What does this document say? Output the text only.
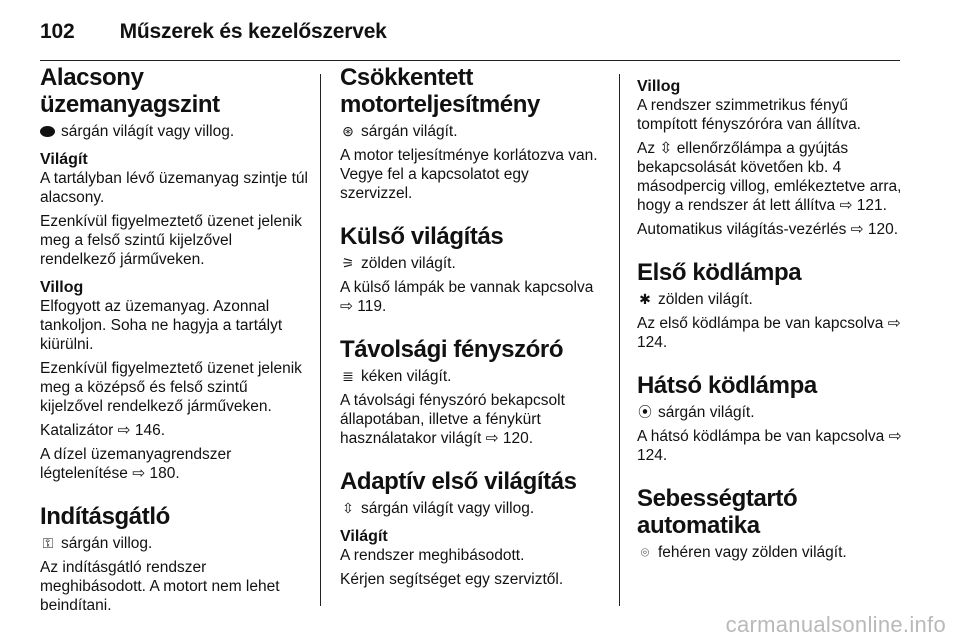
102 Műszerek és kezelőszervek
Alacsony üzemanyagszint

sárgán világít vagy villog.

Világít

A tartályban lévő üzemanyag szintje túl alacsony.

Ezenkívül figyelmeztető üzenet jelenik meg a felső szintű kijelzővel rendelkező járműveken.

Villog

Elfogyott az üzemanyag. Azonnal tankoljon. Soha ne hagyja a tartályt kiürülni.

Ezenkívül figyelmeztető üzenet jelenik meg a középső és felső szintű kijelzővel rendelkező járműveken.

Katalizátor ⇨ 146.

A dízel üzemanyagrendszer légtelenítése ⇨ 180.

Indításgátló

⚿ sárgán villog.

Az indításgátló rendszer meghibásodott. A motort nem lehet beindítani.

Csökkentett motorteljesítmény

⊛ sárgán világít.

A motor teljesítménye korlátozva van. Vegye fel a kapcsolatot egy szervizzel.

Külső világítás

⚞ zölden világít.

A külső lámpák be vannak kapcsolva ⇨ 119.

Távolsági fényszóró

≣ kéken világít.

A távolsági fényszóró bekapcsolt állapotában, illetve a fénykürt használatakor világít ⇨ 120.

Adaptív első világítás

⇳ sárgán világít vagy villog.

Világít

A rendszer meghibásodott.

Kérjen segítséget egy szerviztől.

Villog

A rendszer szimmetrikus fényű tompított fényszóróra van állítva.

Az ⇳ ellenőrzőlámpa a gyújtás bekapcsolását követően kb. 4 másodpercig villog, emlékeztetve arra, hogy a rendszer át lett állítva ⇨ 121.

Automatikus világítás-vezérlés ⇨ 120.

Első ködlámpa

✱ zölden világít.

Az első ködlámpa be van kapcsolva ⇨ 124.

Hátsó ködlámpa

⦿ sárgán világít.

A hátsó ködlámpa be van kapcsolva ⇨ 124.

Sebességtartó automatika

⌾ fehéren vagy zölden világít.

carmanualsonline.info
